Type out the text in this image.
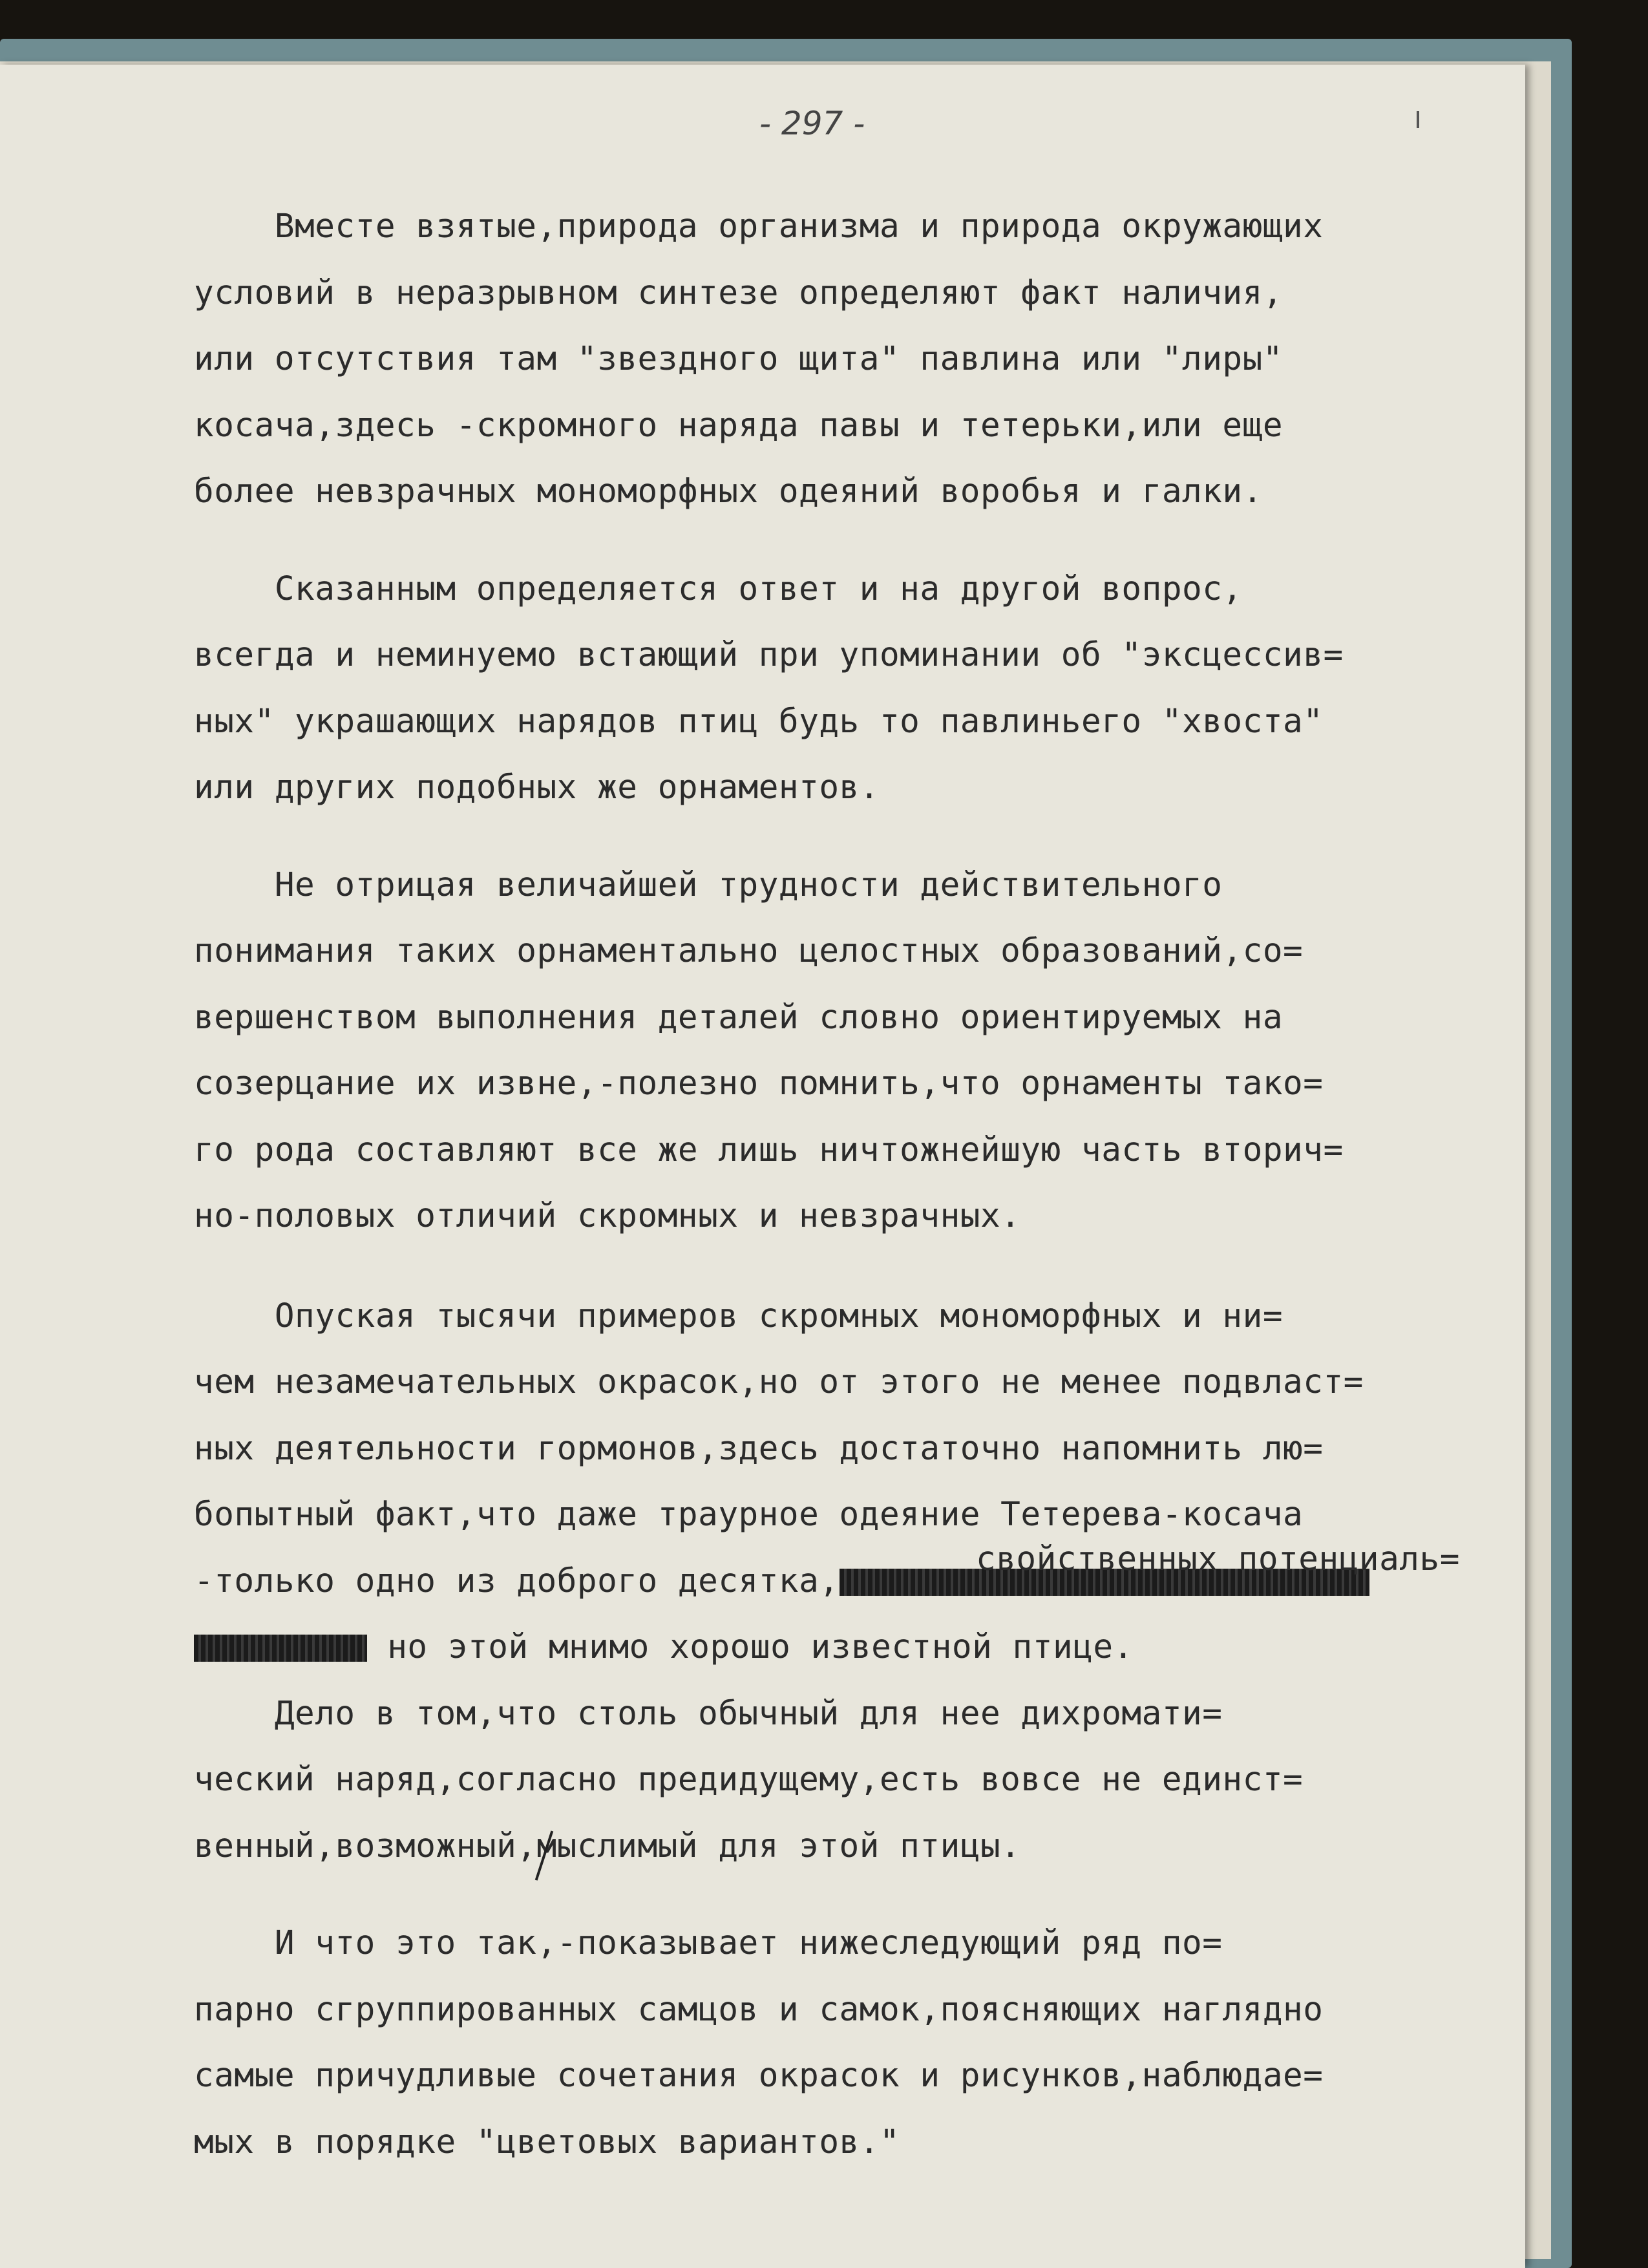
- 297 -

Вместе взятые,природа организма и природа окружающих

условий в неразрывном синтезе определяют факт наличия,

или отсутствия там "звездного щита" павлина или "лиры"

косача,здесь -скромного наряда павы и тетерьки,или еще

более невзрачных мономорфных одеяний воробья и галки.

Сказанным определяется ответ и на другой вопрос,

всегда и неминуемо встающий при упоминании об "эксцессив=

ных" украшающих нарядов птиц будь то павлиньего "хвоста"

или других подобных же орнаментов.

Не отрицая величайшей трудности действительного

понимания таких орнаментально целостных образований,со=

вершенством выполнения деталей словно ориентируемых на

созерцание их извне,-полезно помнить,что орнаменты тако=

го рода составляют все же лишь ничтожнейшую часть вторич=

но-половых отличий скромных и невзрачных.

Опуская тысячи примеров скромных мономорфных и ни=

чем незамечательных окрасок,но от этого не менее подвласт=

ных деятельности гормонов,здесь достаточно напомнить лю=

бопытный факт,что даже траурное одеяние Тетерева-косача

свойственных потенциаль=

-только одно из доброго десятка,

но этой мнимо хорошо известной птице.

Дело в том,что столь обычный для нее дихромати=

ческий наряд,согласно предидущему,есть вовсе не единст=

венный,возможный,мыслимый для этой птицы.

И что это так,-показывает нижеследующий ряд по=

парно сгруппированных самцов и самок,поясняющих наглядно

самые причудливые сочетания окрасок и рисунков,наблюдае=

мых в порядке "цветовых вариантов."
